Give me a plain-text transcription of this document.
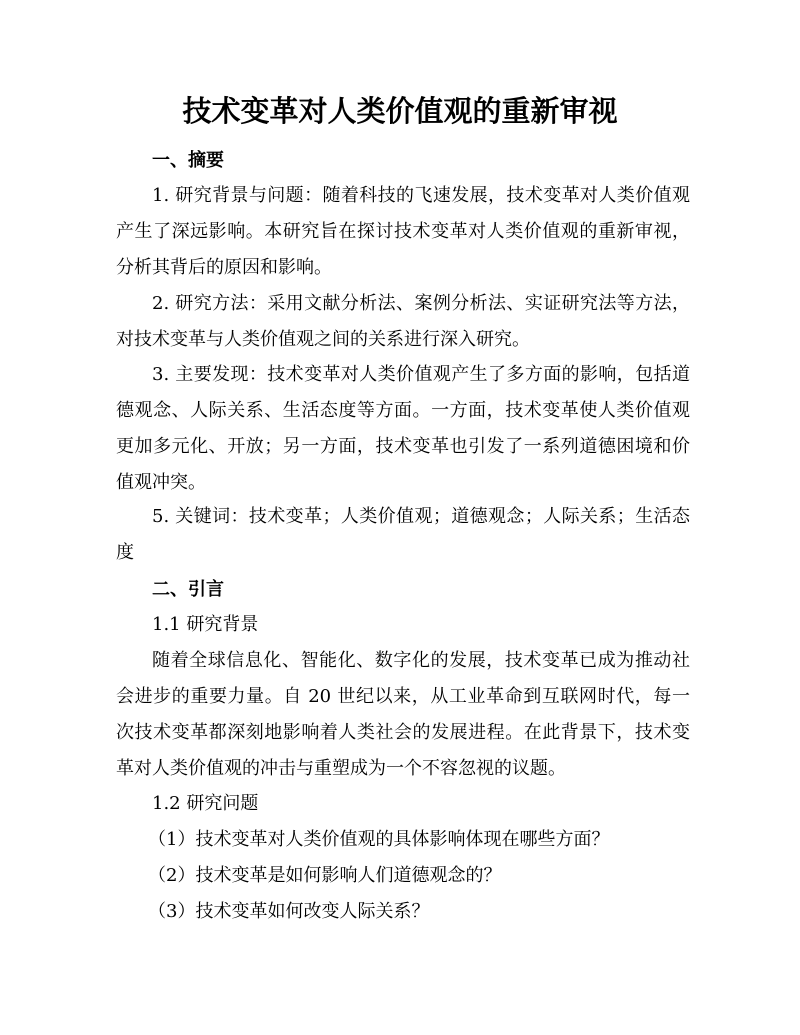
技术变革对人类价值观的重新审视
一、摘要

1. 研究背景与问题：随着科技的飞速发展，技术变革对人类价值观产生了深远影响。本研究旨在探讨技术变革对人类价值观的重新审视，分析其背后的原因和影响。

2. 研究方法：采用文献分析法、案例分析法、实证研究法等方法，对技术变革与人类价值观之间的关系进行深入研究。

3. 主要发现：技术变革对人类价值观产生了多方面的影响，包括道德观念、人际关系、生活态度等方面。一方面，技术变革使人类价值观更加多元化、开放；另一方面，技术变革也引发了一系列道德困境和价值观冲突。

5. 关键词：技术变革；人类价值观；道德观念；人际关系；生活态度

二、引言
1.1 研究背景

随着全球信息化、智能化、数字化的发展，技术变革已成为推动社会进步的重要力量。自 20 世纪以来，从工业革命到互联网时代，每一次技术变革都深刻地影响着人类社会的发展进程。在此背景下，技术变革对人类价值观的冲击与重塑成为一个不容忽视的议题。

1.2 研究问题
（1）技术变革对人类价值观的具体影响体现在哪些方面？
（2）技术变革是如何影响人们道德观念的？
（3）技术变革如何改变人际关系？
